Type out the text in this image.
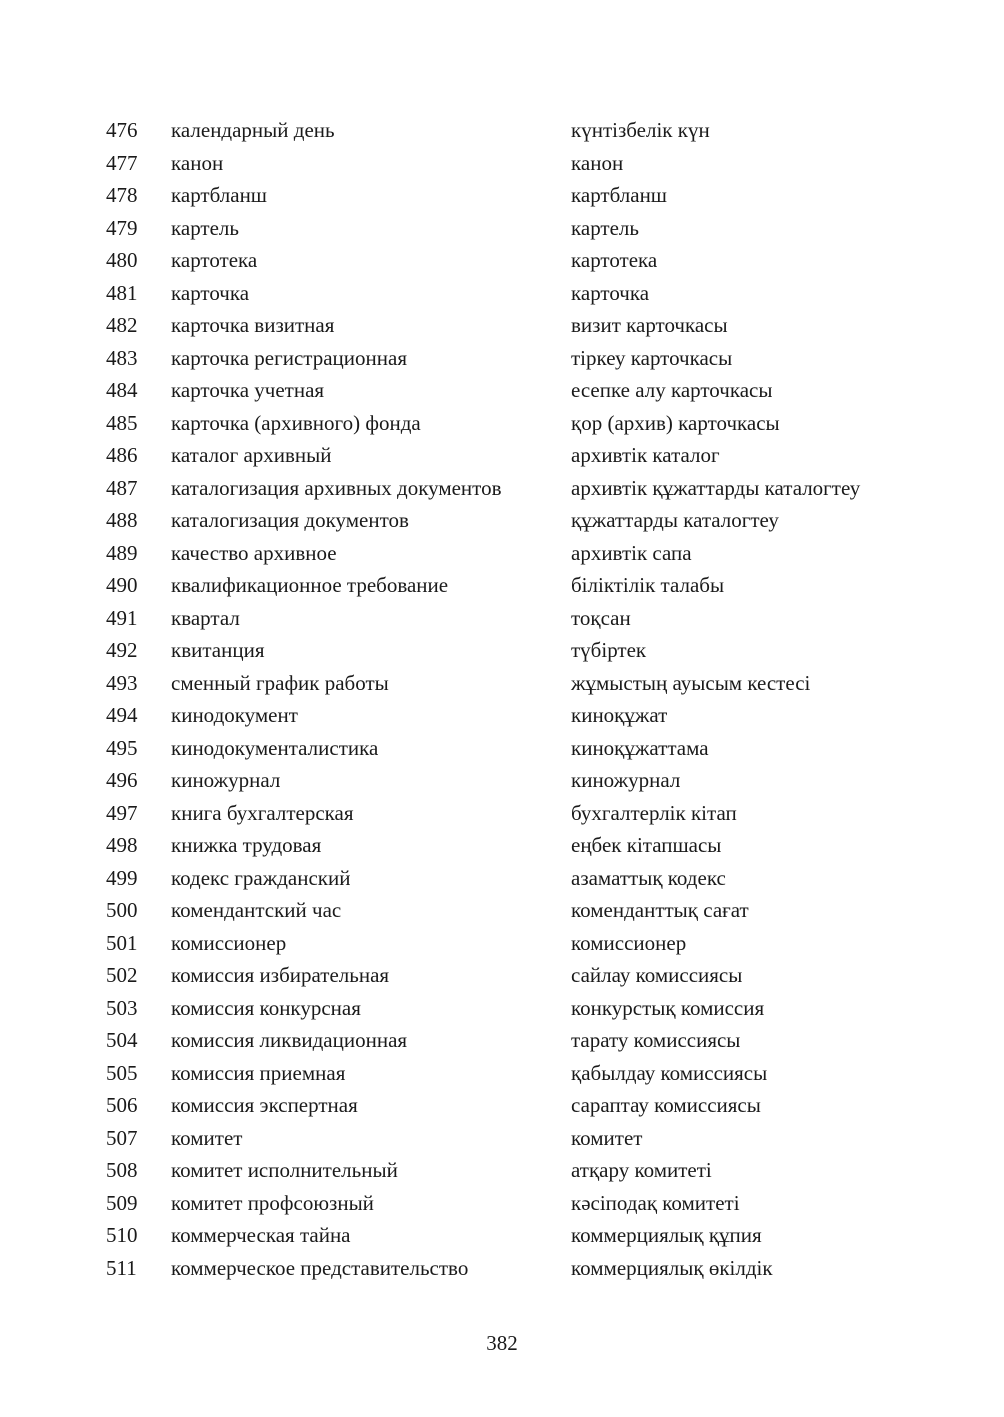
476	календарный день	күнтізбелік күн
477	канон	канон
478	картбланш	картбланш
479	картель	картель
480	картотека	картотека
481	карточка	карточка
482	карточка визитная	визит карточкасы
483	карточка регистрационная	тіркеу карточкасы
484	карточка учетная	есепке алу карточкасы
485	карточка (архивного) фонда	қор (архив) карточкасы
486	каталог архивный	архивтік каталог
487	каталогизация архивных документов	архивтік құжаттарды каталогтеу
488	каталогизация документов	құжаттарды каталогтеу
489	качество архивное	архивтік сапа
490	квалификационное требование	біліктілік талабы
491	квартал	тоқсан
492	квитанция	түбіртек
493	сменный график работы	жұмыстың ауысым кестесі
494	кинодокумент	кинoқұжат
495	кинодокументалистика	киноқұжаттама
496	киножурнал	киножурнал
497	книга бухгалтерская	бухгалтерлік кітап
498	книжка трудовая	еңбек кітапшасы
499	кодекс гражданский	азаматтық кодекс
500	комендантский час	коменданттық сағат
501	комиссионер	комиссионер
502	комиссия избирательная	сайлау комиссиясы
503	комиссия конкурсная	конкурстық комиссия
504	комиссия ликвидационная	тарату комиссиясы
505	комиссия приемная	қабылдау комиссиясы
506	комиссия экспертная	сараптау комиссиясы
507	комитет	комитет
508	комитет исполнительный	атқару комитеті
509	комитет профсоюзный	кәсіподақ комитеті
510	коммерческая тайна	коммерциялық құпия
511	коммерческое представительство	коммерциялық өкілдік
382
